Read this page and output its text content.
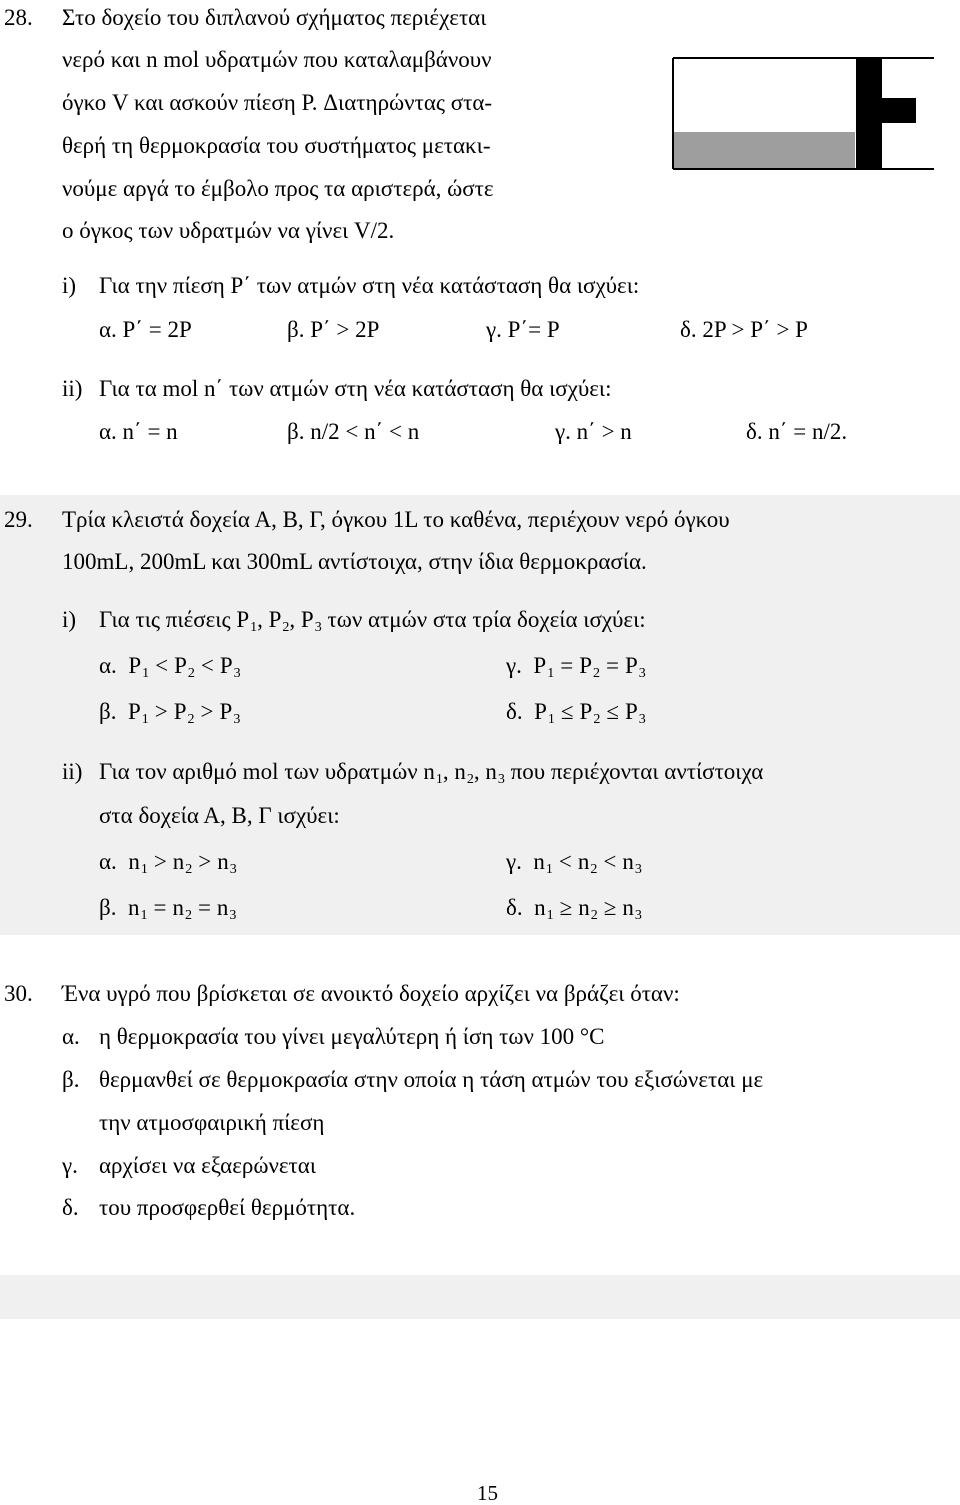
28. Στο δοχείο του διπλανού σχήματος περιέχεται
νερό και n mol υδρατμών που καταλαμβάνουν
όγκο V και ασκούν πίεση P. Διατηρώντας στα-
θερή τη θερμοκρασία του συστήματος μετακι-
νούμε αργά το έμβολο προς τα αριστερά, ώστε
ο όγκος των υδρατμών να γίνει V/2.
i) Για την πίεση P΄ των ατμών στη νέα κατάσταση θα ισχύει:
α. P΄ = 2P	β. P΄ > 2P	γ. P΄= P	δ. 2P > P΄ > P
ii) Για τα mol n΄ των ατμών στη νέα κατάσταση θα ισχύει:
α. n΄ = n	β. n/2 < n΄ < n	γ. n΄ > n	δ. n΄ = n/2.
29. Τρία κλειστά δοχεία Α, Β, Γ, όγκου 1L το καθένα, περιέχουν νερό όγκου
100mL, 200mL και 300mL αντίστοιχα, στην ίδια θερμοκρασία.
i) Για τις πιέσεις $P_1$, $P_2$, $P_3$ των ατμών στα τρία δοχεία ισχύει:
α. $P_1 < P_2 < P_3$	γ. $P_1 = P_2 = P_3$
β. $P_1 > P_2 > P_3$	δ. $P_1 \le P_2 \le P_3$
ii) Για τον αριθμό mol των υδρατμών $n_1$, $n_2$, $n_3$ που περιέχονται αντίστοιχα
στα δοχεία Α, Β, Γ ισχύει:
α. $n_1 > n_2 > n_3$	γ. $n_1 < n_2 < n_3$
β. $n_1 = n_2 = n_3$	δ. $n_1 \ge n_2 \ge n_3$
30. Ένα υγρό που βρίσκεται σε ανοικτό δοχείο αρχίζει να βράζει όταν:
α. η θερμοκρασία του γίνει μεγαλύτερη ή ίση των 100 °C
β. θερμανθεί σε θερμοκρασία στην οποία η τάση ατμών του εξισώνεται με
την ατμοσφαιρική πίεση
γ. αρχίσει να εξαερώνεται
δ. του προσφερθεί θερμότητα.
15
